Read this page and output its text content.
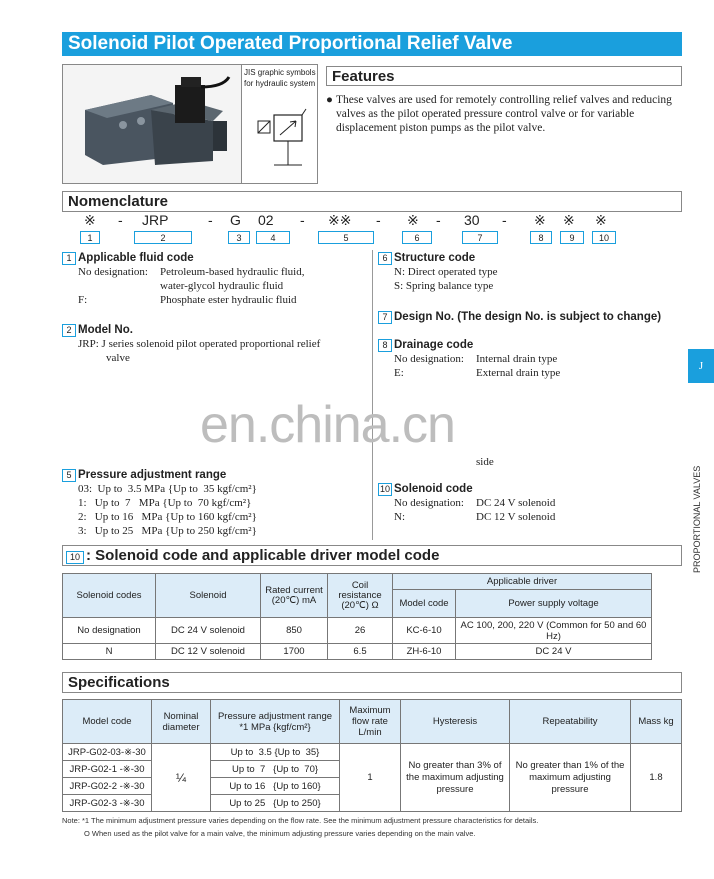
Solenoid Pilot Operated Proportional Relief Valve
JIS graphic symbols for hydraulic system	Features
● These valves are used for remotely controlling relief valves and reducing valves as the pilot operated pressure control valve or for variable displacement piston pumps as the pilot valve.
Nomenclature
※ - JRP	- G 02 - ※※ - ※ - 30 - ※ ※ ※
1	2	3	4	5	6	7	8	9	10
1 Applicable fluid code
No designation: Petroleum-based hydraulic fluid,
water-glycol hydraulic fluid
F:	Phosphate ester hydraulic fluid
2 Model No.
JRP: J series solenoid pilot operated proportional relief
valve
5 Pressure adjustment range
03:  Up to  3.5 MPa {Up to  35 kgf/cm²}
1:   Up to  7   MPa {Up to  70 kgf/cm²}
2:   Up to 16   MPa {Up to 160 kgf/cm²}
3:   Up to 25   MPa {Up to 250 kgf/cm²}
6 Structure code
N: Direct operated type
S: Spring balance type
7 Design No. (The design No. is subject to change)
8 Drainage code
No designation: Internal drain type
E:	External drain type
side
10 Solenoid code
No designation: DC 24 V solenoid
N:	DC 12 V solenoid
en.china.cn
J
PROPORTIONAL VALVES
10 : Solenoid code and applicable driver model code
Solenoid codes	Solenoid	Rated current (20℃) mA	Coil resistance (20℃) Ω	Applicable driver	
				Model code	Power supply voltage
No designation	DC 24 V solenoid	850	26	KC-6-10	AC 100, 200, 220 V (Common for 50 and 60 Hz)
N	DC 12 V solenoid	1700	6.5	ZH-6-10	DC 24 V
Specifications
Model code	Nominal diameter	Pressure adjustment range *1 MPa {kgf/cm²}	Maximum flow rate L/min	Hysteresis	Repeatability	Mass kg
JRP-G02-03-※-30	¼	Up to  3.5 {Up to  35}	1	No greater than 3% of the maximum adjusting pressure	No greater than 1% of the maximum adjusting pressure	1.8
JRP-G02-1 -※-30		Up to  7   {Up to  70}				
JRP-G02-2 -※-30		Up to 16   {Up to 160}				
JRP-G02-3 -※-30		Up to 25   {Up to 250}				
Note: *1 The minimum adjustment pressure varies depending on the flow rate. See the minimum adjustment pressure characteristics for details.
O When used as the pilot valve for a main valve, the minimum adjusting pressure varies depending on the main valve.
